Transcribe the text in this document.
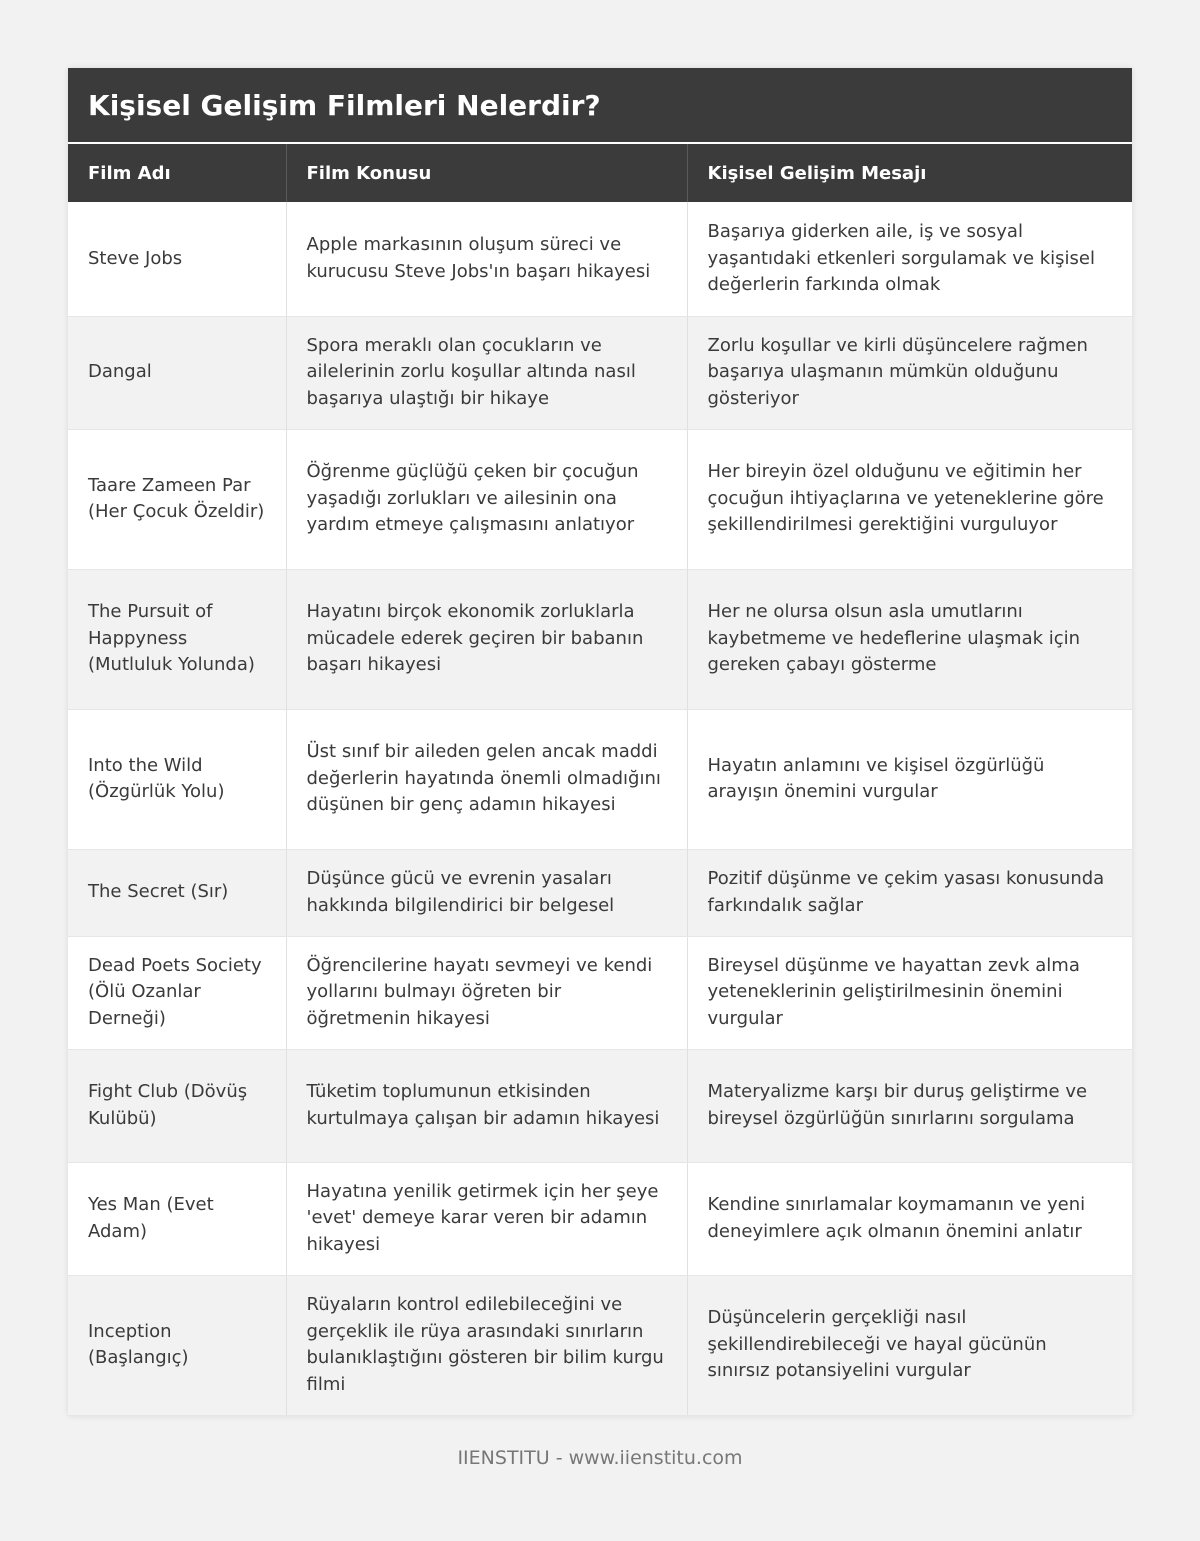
Kişisel Gelişim Filmleri Nelerdir?
Film Adı	Film Konusu	Kişisel Gelişim Mesajı
Steve Jobs	Apple markasının oluşum süreci ve kurucusu Steve Jobs'ın başarı hikayesi	Başarıya giderken aile, iş ve sosyal yaşantıdaki etkenleri sorgulamak ve kişisel değerlerin farkında olmak
Dangal	Spora meraklı olan çocukların ve ailelerinin zorlu koşullar altında nasıl başarıya ulaştığı bir hikaye	Zorlu koşullar ve kirli düşüncelere rağmen başarıya ulaşmanın mümkün olduğunu gösteriyor
Taare Zameen Par (Her Çocuk Özeldir)	Öğrenme güçlüğü çeken bir çocuğun yaşadığı zorlukları ve ailesinin ona yardım etmeye çalışmasını anlatıyor	Her bireyin özel olduğunu ve eğitimin her çocuğun ihtiyaçlarına ve yeteneklerine göre şekillendirilmesi gerektiğini vurguluyor
The Pursuit of Happyness (Mutluluk Yolunda)	Hayatını birçok ekonomik zorluklarla mücadele ederek geçiren bir babanın başarı hikayesi	Her ne olursa olsun asla umutlarını kaybetmeme ve hedeflerine ulaşmak için gereken çabayı gösterme
Into the Wild (Özgürlük Yolu)	Üst sınıf bir aileden gelen ancak maddi değerlerin hayatında önemli olmadığını düşünen bir genç adamın hikayesi	Hayatın anlamını ve kişisel özgürlüğü arayışın önemini vurgular
The Secret (Sır)	Düşünce gücü ve evrenin yasaları hakkında bilgilendirici bir belgesel	Pozitif düşünme ve çekim yasası konusunda farkındalık sağlar
Dead Poets Society (Ölü Ozanlar Derneği)	Öğrencilerine hayatı sevmeyi ve kendi yollarını bulmayı öğreten bir öğretmenin hikayesi	Bireysel düşünme ve hayattan zevk alma yeteneklerinin geliştirilmesinin önemini vurgular
Fight Club (Dövüş Kulübü)	Tüketim toplumunun etkisinden kurtulmaya çalışan bir adamın hikayesi	Materyalizme karşı bir duruş geliştirme ve bireysel özgürlüğün sınırlarını sorgulama
Yes Man (Evet Adam)	Hayatına yenilik getirmek için her şeye 'evet' demeye karar veren bir adamın hikayesi	Kendine sınırlamalar koymamanın ve yeni deneyimlere açık olmanın önemini anlatır
Inception (Başlangıç)	Rüyaların kontrol edilebileceğini ve gerçeklik ile rüya arasındaki sınırların bulanıklaştığını gösteren bir bilim kurgu filmi	Düşüncelerin gerçekliği nasıl şekillendirebileceği ve hayal gücünün sınırsız potansiyelini vurgular
IIENSTITU - www.iienstitu.com
